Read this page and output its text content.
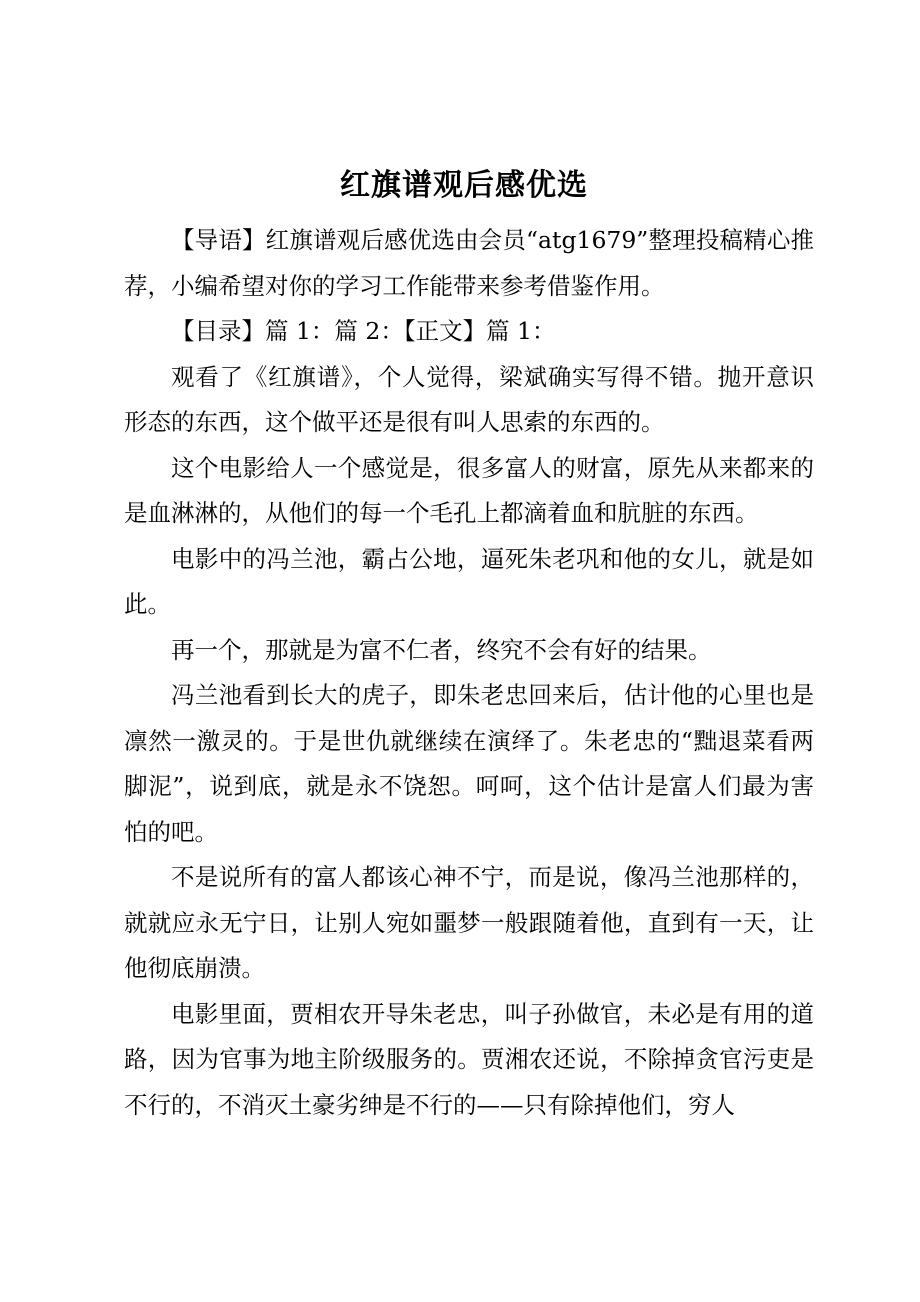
红旗谱观后感优选

【导语】红旗谱观后感优选由会员“atg1679”整理投稿精心推荐，小编希望对你的学习工作能带来参考借鉴作用。

【目录】篇 1：篇 2：【正文】篇 1：

观看了《红旗谱》，个人觉得，梁斌确实写得不错。抛开意识形态的东西，这个做平还是很有叫人思索的东西的。

这个电影给人一个感觉是，很多富人的财富，原先从来都来的是血淋淋的，从他们的每一个毛孔上都滴着血和肮脏的东西。

电影中的冯兰池，霸占公地，逼死朱老巩和他的女儿，就是如此。

再一个，那就是为富不仁者，终究不会有好的结果。

冯兰池看到长大的虎子，即朱老忠回来后，估计他的心里也是凛然一激灵的。于是世仇就继续在演绎了。朱老忠的“黜退菜看两脚泥”，说到底，就是永不饶恕。呵呵，这个估计是富人们最为害怕的吧。

不是说所有的富人都该心神不宁，而是说，像冯兰池那样的，就就应永无宁日，让别人宛如噩梦一般跟随着他，直到有一天，让他彻底崩溃。

电影里面，贾相农开导朱老忠，叫子孙做官，未必是有用的道路，因为官事为地主阶级服务的。贾湘农还说，不除掉贪官污吏是不行的，不消灭土豪劣绅是不行的——只有除掉他们，穷人
